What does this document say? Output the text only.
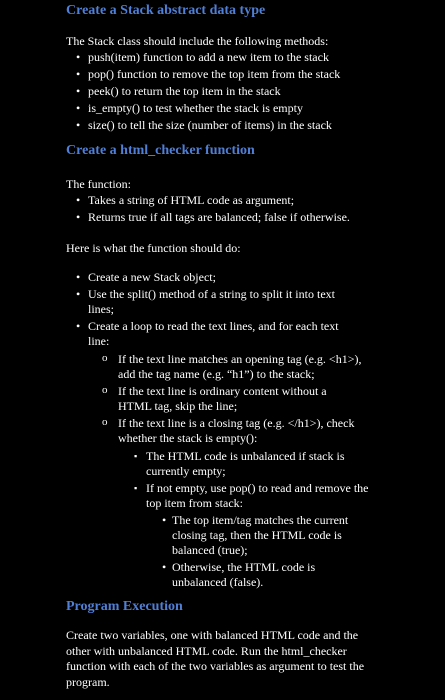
Create a Stack abstract data type

The Stack class should include the following methods:

• push(item) function to add a new item to the stack
• pop() function to remove the top item from the stack
• peek() to return the top item in the stack
• is_empty() to test whether the stack is empty
• size() to tell the size (number of items) in the stack
Create a html_checker function

The function:

• Takes a string of HTML code as argument;
• Returns true if all tags are balanced; false if otherwise.

Here is what the function should do:

• Create a new Stack object;
• Use the split() method of a string to split it into text lines;
• Create a loop to read the text lines, and for each text line:
o If the text line matches an opening tag (e.g. <h1>), add the tag name (e.g. “h1”) to the stack;
o If the text line is ordinary content without a HTML tag, skip the line;
o If the text line is a closing tag (e.g. </h1>), check whether the stack is empty():
▪ The HTML code is unbalanced if stack is currently empty;
▪ If not empty, use pop() to read and remove the top item from stack:
• The top item/tag matches the current closing tag, then the HTML code is balanced (true);
• Otherwise, the HTML code is unbalanced (false).
Program Execution

Create two variables, one with balanced HTML code and the other with unbalanced HTML code. Run the html_checker function with each of the two variables as argument to test the program.
